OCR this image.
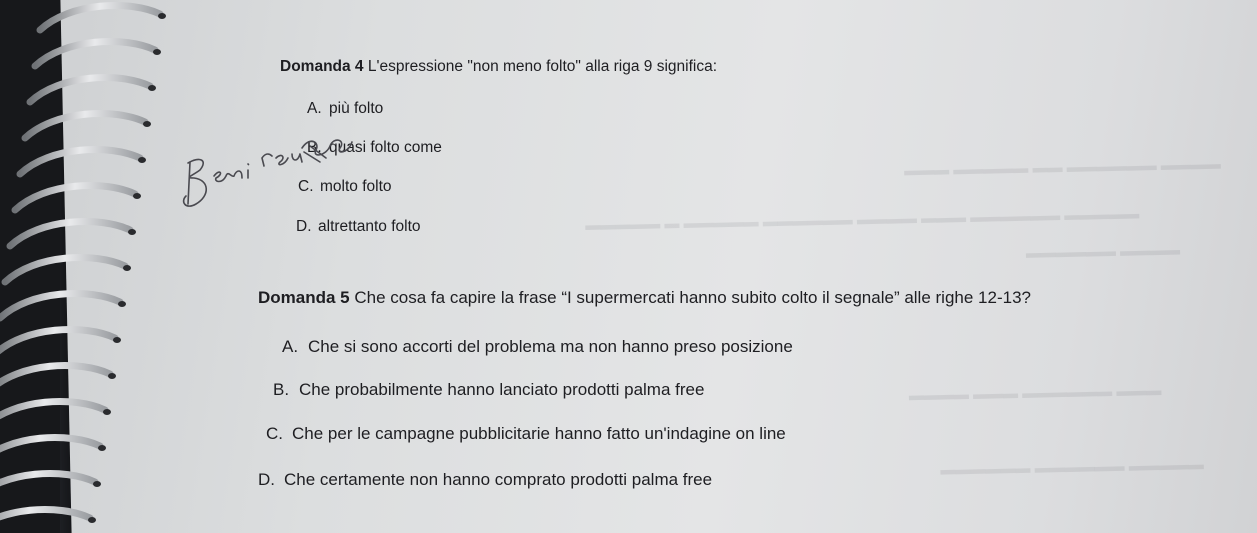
▬▬▬ ▬▬▬▬▬ ▬▬ ▬▬▬▬▬▬ ▬▬▬▬
▬▬▬▬▬ ▬ ▬▬▬▬▬ ▬▬▬▬▬▬ ▬▬▬▬ ▬▬▬ ▬▬▬▬▬▬ ▬▬▬▬▬
▬▬▬▬▬▬ ▬▬▬▬
▬▬▬▬ ▬▬▬ ▬▬▬▬▬▬ ▬▬▬
▬▬▬▬▬▬ ▬▬▬▬▬▬ ▬▬▬▬▬
Domanda 4 L'espressione "non meno folto" alla riga 9 significa:
A. più folto
B. quasi folto come
C. molto folto
D. altrettanto folto
Domanda 5 Che cosa fa capire la frase “I supermercati hanno subito colto il segnale” alle righe 12-13?
A. Che si sono accorti del problema ma non hanno preso posizione
B. Che probabilmente hanno lanciato prodotti palma free
C. Che per le campagne pubblicitarie hanno fatto un'indagine on line
D. Che certamente non hanno comprato prodotti palma free
